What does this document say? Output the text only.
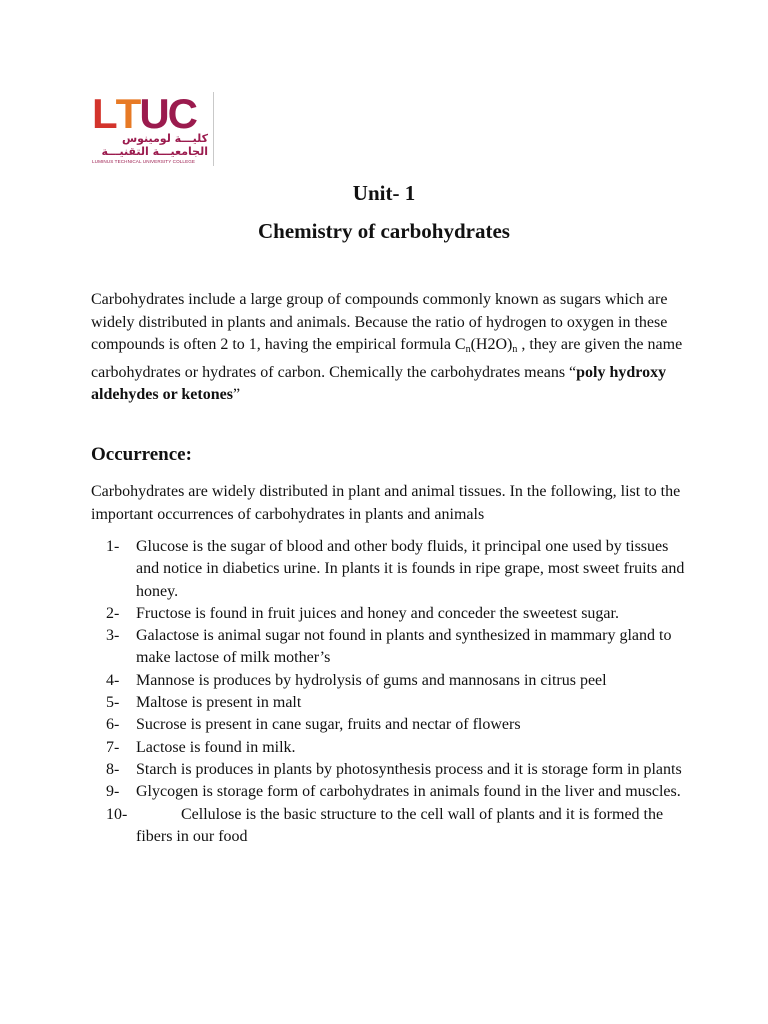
LTUC
كليـــة لومينوس
الجامعيـــة التقنيـــة
LUMINUS TECHNICAL UNIVERSITY COLLEGE
Unit- 1
Chemistry of carbohydrates
Carbohydrates include a large group of compounds commonly known as sugars which are widely distributed in plants and animals. Because the ratio of hydrogen to oxygen in these compounds is often 2 to 1, having the empirical formula $C_n(H2O)_n$ , they are given the name carbohydrates or hydrates of carbon. Chemically the carbohydrates means “poly hydroxy aldehydes or ketones”
Occurrence:
Carbohydrates are widely distributed in plant and animal tissues. In the following, list to the important occurrences of carbohydrates in plants and animals
1- Glucose is the sugar of blood and other body fluids, it principal one used by tissues and notice in diabetics urine. In plants it is founds in ripe grape, most sweet fruits and honey.
2- Fructose is found in fruit juices and honey and conceder the sweetest sugar.
3- Galactose is animal sugar not found in plants and synthesized in mammary gland to make lactose of milk mother’s
4- Mannose is produces by hydrolysis of gums and mannosans in citrus peel
5- Maltose is present in malt
6- Sucrose is present in cane sugar, fruits and nectar of flowers
7- Lactose is found in milk.
8- Starch is produces in plants by photosynthesis process and it is storage form in plants
9- Glycogen is storage form of carbohydrates in animals found in the liver and muscles.
10-	Cellulose is the basic structure to the cell wall of plants and it is formed the fibers in our food
